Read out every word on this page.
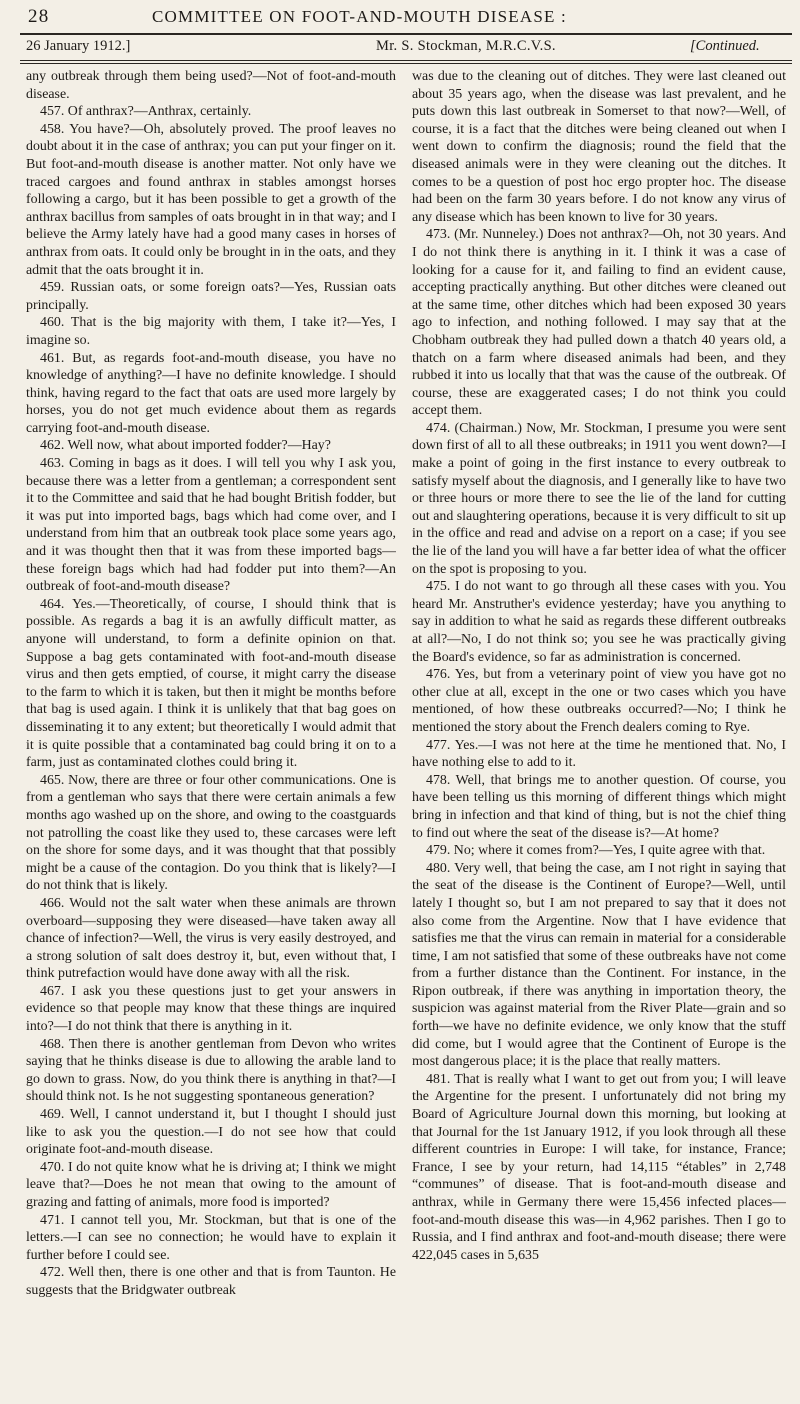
28	COMMITTEE ON FOOT-AND-MOUTH DISEASE :
26 January 1912.]	Mr. S. Stockman, M.R.C.V.S.	[Continued.

any outbreak through them being used?—Not of foot-and-mouth disease.

457. Of anthrax?—Anthrax, certainly.

458. You have?—Oh, absolutely proved. The proof leaves no doubt about it in the case of anthrax; you can put your finger on it. But foot-and-mouth disease is another matter. Not only have we traced cargoes and found anthrax in stables amongst horses following a cargo, but it has been possible to get a growth of the anthrax bacillus from samples of oats brought in in that way; and I believe the Army lately have had a good many cases in horses of anthrax from oats. It could only be brought in in the oats, and they admit that the oats brought it in.

459. Russian oats, or some foreign oats?—Yes, Russian oats principally.

460. That is the big majority with them, I take it?—Yes, I imagine so.

461. But, as regards foot-and-mouth disease, you have no knowledge of anything?—I have no definite knowledge. I should think, having regard to the fact that oats are used more largely by horses, you do not get much evidence about them as regards carrying foot-and-mouth disease.

462. Well now, what about imported fodder?—Hay?

463. Coming in bags as it does. I will tell you why I ask you, because there was a letter from a gentleman; a correspondent sent it to the Committee and said that he had bought British fodder, but it was put into imported bags, bags which had come over, and I understand from him that an outbreak took place some years ago, and it was thought then that it was from these imported bags—these foreign bags which had had fodder put into them?—An outbreak of foot-and-mouth disease?

464. Yes.—Theoretically, of course, I should think that is possible. As regards a bag it is an awfully difficult matter, as anyone will understand, to form a definite opinion on that. Suppose a bag gets contaminated with foot-and-mouth disease virus and then gets emptied, of course, it might carry the disease to the farm to which it is taken, but then it might be months before that bag is used again. I think it is unlikely that that bag goes on disseminating it to any extent; but theoretically I would admit that it is quite possible that a contaminated bag could bring it on to a farm, just as contaminated clothes could bring it.

465. Now, there are three or four other communications. One is from a gentleman who says that there were certain animals a few months ago washed up on the shore, and owing to the coastguards not patrolling the coast like they used to, these carcases were left on the shore for some days, and it was thought that that possibly might be a cause of the contagion. Do you think that is likely?—I do not think that is likely.

466. Would not the salt water when these animals are thrown overboard—supposing they were diseased—have taken away all chance of infection?—Well, the virus is very easily destroyed, and a strong solution of salt does destroy it, but, even without that, I think putrefaction would have done away with all the risk.

467. I ask you these questions just to get your answers in evidence so that people may know that these things are inquired into?—I do not think that there is anything in it.

468. Then there is another gentleman from Devon who writes saying that he thinks disease is due to allowing the arable land to go down to grass. Now, do you think there is anything in that?—I should think not. Is he not suggesting spontaneous generation?

469. Well, I cannot understand it, but I thought I should just like to ask you the question.—I do not see how that could originate foot-and-mouth disease.

470. I do not quite know what he is driving at; I think we might leave that?—Does he not mean that owing to the amount of grazing and fatting of animals, more food is imported?

471. I cannot tell you, Mr. Stockman, but that is one of the letters.—I can see no connection; he would have to explain it further before I could see.

472. Well then, there is one other and that is from Taunton. He suggests that the Bridgwater outbreak

was due to the cleaning out of ditches. They were last cleaned out about 35 years ago, when the disease was last prevalent, and he puts down this last outbreak in Somerset to that now?—Well, of course, it is a fact that the ditches were being cleaned out when I went down to confirm the diagnosis; round the field that the diseased animals were in they were cleaning out the ditches. It comes to be a question of post hoc ergo propter hoc. The disease had been on the farm 30 years before. I do not know any virus of any disease which has been known to live for 30 years.

473. (Mr. Nunneley.) Does not anthrax?—Oh, not 30 years. And I do not think there is anything in it. I think it was a case of looking for a cause for it, and failing to find an evident cause, accepting practically anything. But other ditches were cleaned out at the same time, other ditches which had been exposed 30 years ago to infection, and nothing followed. I may say that at the Chobham outbreak they had pulled down a thatch 40 years old, a thatch on a farm where diseased animals had been, and they rubbed it into us locally that that was the cause of the outbreak. Of course, these are exaggerated cases; I do not think you could accept them.

474. (Chairman.) Now, Mr. Stockman, I presume you were sent down first of all to all these outbreaks; in 1911 you went down?—I make a point of going in the first instance to every outbreak to satisfy myself about the diagnosis, and I generally like to have two or three hours or more there to see the lie of the land for cutting out and slaughtering operations, because it is very difficult to sit up in the office and read and advise on a report on a case; if you see the lie of the land you will have a far better idea of what the officer on the spot is proposing to you.

475. I do not want to go through all these cases with you. You heard Mr. Anstruther's evidence yesterday; have you anything to say in addition to what he said as regards these different outbreaks at all?—No, I do not think so; you see he was practically giving the Board's evidence, so far as administration is concerned.

476. Yes, but from a veterinary point of view you have got no other clue at all, except in the one or two cases which you have mentioned, of how these outbreaks occurred?—No; I think he mentioned the story about the French dealers coming to Rye.

477. Yes.—I was not here at the time he mentioned that. No, I have nothing else to add to it.

478. Well, that brings me to another question. Of course, you have been telling us this morning of different things which might bring in infection and that kind of thing, but is not the chief thing to find out where the seat of the disease is?—At home?

479. No; where it comes from?—Yes, I quite agree with that.

480. Very well, that being the case, am I not right in saying that the seat of the disease is the Continent of Europe?—Well, until lately I thought so, but I am not prepared to say that it does not also come from the Argentine. Now that I have evidence that satisfies me that the virus can remain in material for a considerable time, I am not satisfied that some of these outbreaks have not come from a further distance than the Continent. For instance, in the Ripon outbreak, if there was anything in importation theory, the suspicion was against material from the River Plate—grain and so forth—we have no definite evidence, we only know that the stuff did come, but I would agree that the Continent of Europe is the most dangerous place; it is the place that really matters.

481. That is really what I want to get out from you; I will leave the Argentine for the present. I unfortunately did not bring my Board of Agriculture Journal down this morning, but looking at that Journal for the 1st January 1912, if you look through all these different countries in Europe: I will take, for instance, France; France, I see by your return, had 14,115 “étables” in 2,748 “communes” of disease. That is foot-and-mouth disease and anthrax, while in Germany there were 15,456 infected places—foot-and-mouth disease this was—in 4,962 parishes. Then I go to Russia, and I find anthrax and foot-and-mouth disease; there were 422,045 cases in 5,635
